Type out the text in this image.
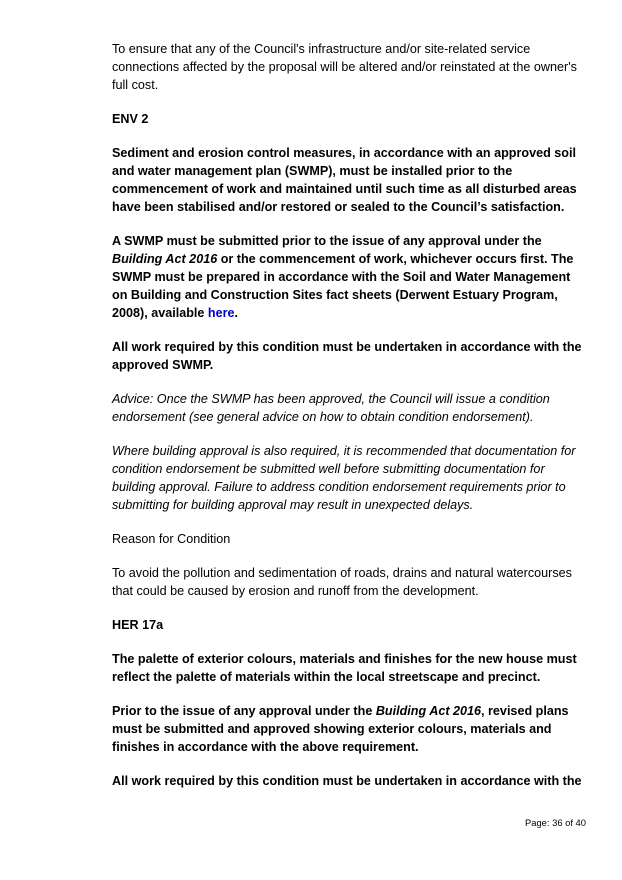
To ensure that any of the Council's infrastructure and/or site-related service connections affected by the proposal will be altered and/or reinstated at the owner's full cost.

ENV 2

Sediment and erosion control measures, in accordance with an approved soil and water management plan (SWMP), must be installed prior to the commencement of work and maintained until such time as all disturbed areas have been stabilised and/or restored or sealed to the Council’s satisfaction.

A SWMP must be submitted prior to the issue of any approval under the Building Act 2016 or the commencement of work, whichever occurs first. The SWMP must be prepared in accordance with the Soil and Water Management on Building and Construction Sites fact sheets (Derwent Estuary Program, 2008), available here.

All work required by this condition must be undertaken in accordance with the approved SWMP.

Advice: Once the SWMP has been approved, the Council will issue a condition endorsement (see general advice on how to obtain condition endorsement).

Where building approval is also required, it is recommended that documentation for condition endorsement be submitted well before submitting documentation for building approval. Failure to address condition endorsement requirements prior to submitting for building approval may result in unexpected delays.

Reason for Condition

To avoid the pollution and sedimentation of roads, drains and natural watercourses that could be caused by erosion and runoff from the development.

HER 17a

The palette of exterior colours, materials and finishes for the new house must reflect the palette of materials within the local streetscape and precinct.

Prior to the issue of any approval under the Building Act 2016, revised plans must be submitted and approved showing exterior colours, materials and finishes in accordance with the above requirement.

All work required by this condition must be undertaken in accordance with the

Page: 36 of 40
